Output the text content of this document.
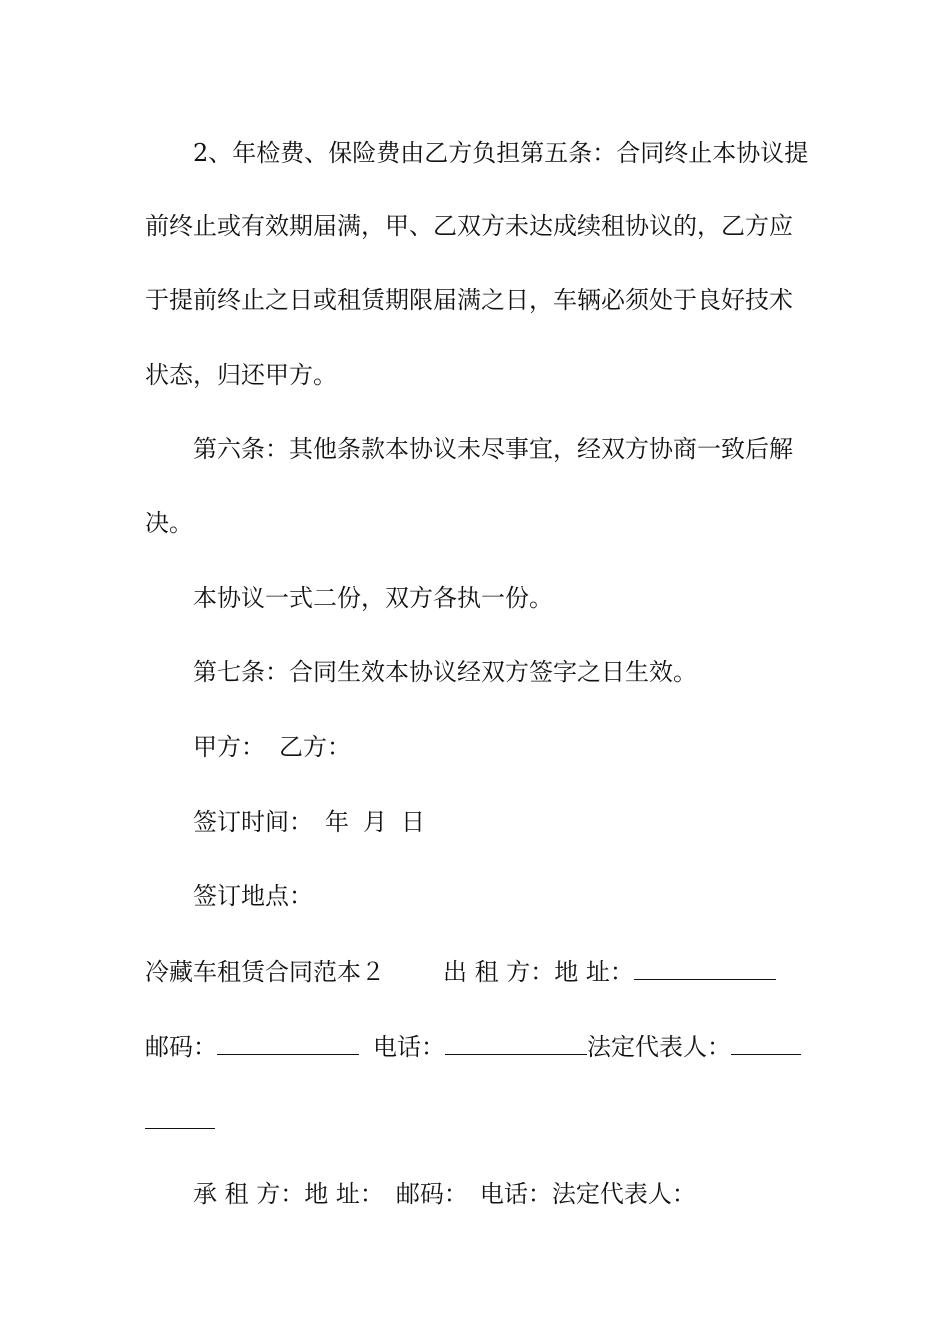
2、年检费、保险费由乙方负担第五条：合同终止本协议提
前终止或有效期届满，甲、乙双方未达成续租协议的，乙方应
于提前终止之日或租赁期限届满之日，车辆必须处于良好技术
状态，归还甲方。
第六条：其他条款本协议未尽事宜，经双方协商一致后解
决。
本协议一式二份，双方各执一份。
第七条：合同生效本协议经双方签字之日生效。
甲方： 乙方：
签订时间： 年 月 日
签订地点：
冷藏车租赁合同范本２ 出 租 方：地 址：
邮码：	电话：	法定代表人：
承 租 方：地 址： 邮码： 电话：法定代表人：
